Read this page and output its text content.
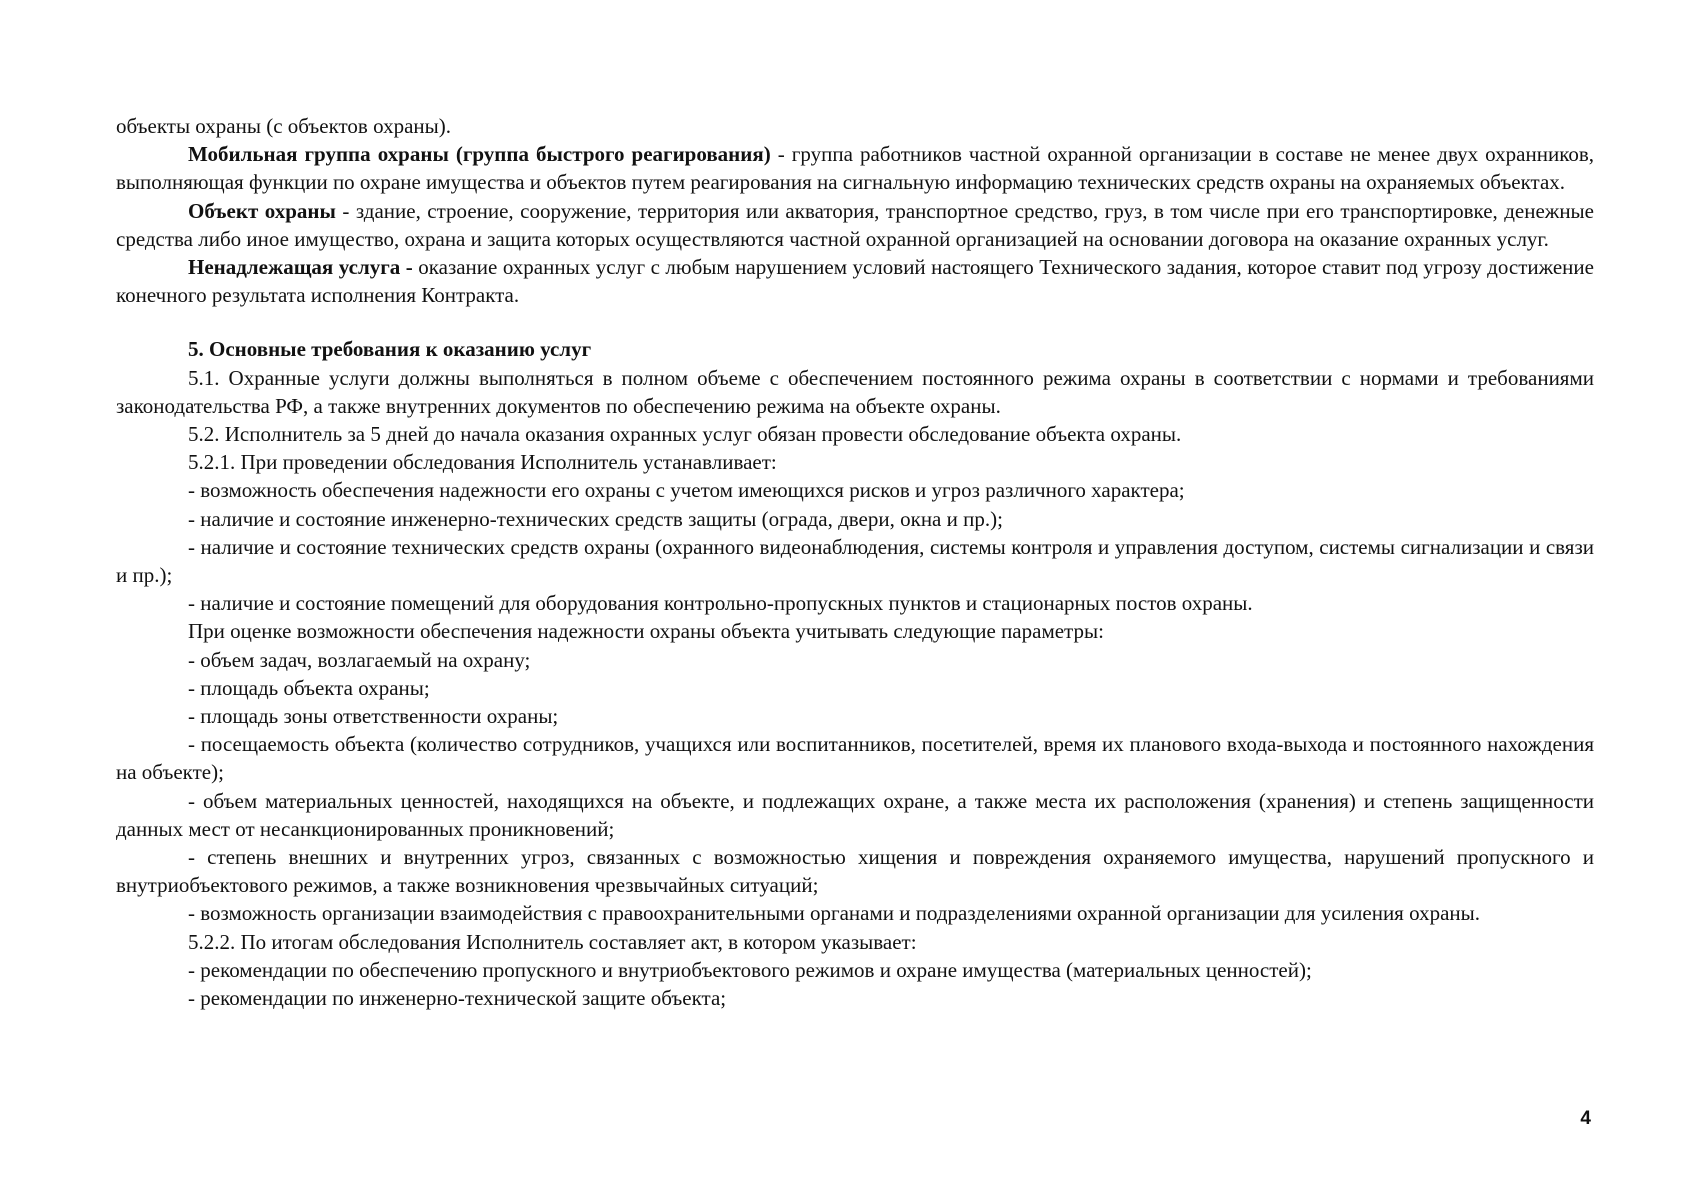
объекты охраны (с объектов охраны).

Мобильная группа охраны (группа быстрого реагирования) - группа работников частной охранной организации в составе не менее двух охранников, выполняющая функции по охране имущества и объектов путем реагирования на сигнальную информацию технических средств охраны на охраняемых объектах.

Объект охраны - здание, строение, сооружение, территория или акватория, транспортное средство, груз, в том числе при его транспортировке, денежные средства либо иное имущество, охрана и защита которых осуществляются частной охранной организацией на основании договора на оказание охранных услуг.

Ненадлежащая услуга - оказание охранных услуг с любым нарушением условий настоящего Технического задания, которое ставит под угрозу достижение конечного результата исполнения Контракта.

5. Основные требования к оказанию услуг

5.1. Охранные услуги должны выполняться в полном объеме с обеспечением постоянного режима охраны в соответствии с нормами и требованиями законодательства РФ, а также внутренних документов по обеспечению режима на объекте охраны.

5.2. Исполнитель за 5 дней до начала оказания охранных услуг обязан провести обследование объекта охраны.

5.2.1. При проведении обследования Исполнитель устанавливает:

- возможность обеспечения надежности его охраны с учетом имеющихся рисков и угроз различного характера;

- наличие и состояние инженерно-технических средств защиты (ограда, двери, окна и пр.);

- наличие и состояние технических средств охраны (охранного видеонаблюдения, системы контроля и управления доступом, системы сигнализации и связи и пр.);

- наличие и состояние помещений для оборудования контрольно-пропускных пунктов и стационарных постов охраны.

При оценке возможности обеспечения надежности охраны объекта учитывать следующие параметры:

- объем задач, возлагаемый на охрану;

- площадь объекта охраны;

- площадь зоны ответственности охраны;

- посещаемость объекта (количество сотрудников, учащихся или воспитанников, посетителей, время их планового входа-выхода и постоянного нахождения на объекте);

- объем материальных ценностей, находящихся на объекте, и подлежащих охране, а также места их расположения (хранения) и степень защищенности данных мест от несанкционированных проникновений;

- степень внешних и внутренних угроз, связанных с возможностью хищения и повреждения охраняемого имущества, нарушений пропускного и внутриобъектового режимов, а также возникновения чрезвычайных ситуаций;

- возможность организации взаимодействия с правоохранительными органами и подразделениями охранной организации для усиления охраны.

5.2.2. По итогам обследования Исполнитель составляет акт, в котором указывает:

- рекомендации по обеспечению пропускного и внутриобъектового режимов и охране имущества (материальных ценностей);

- рекомендации по инженерно-технической защите объекта;

4
